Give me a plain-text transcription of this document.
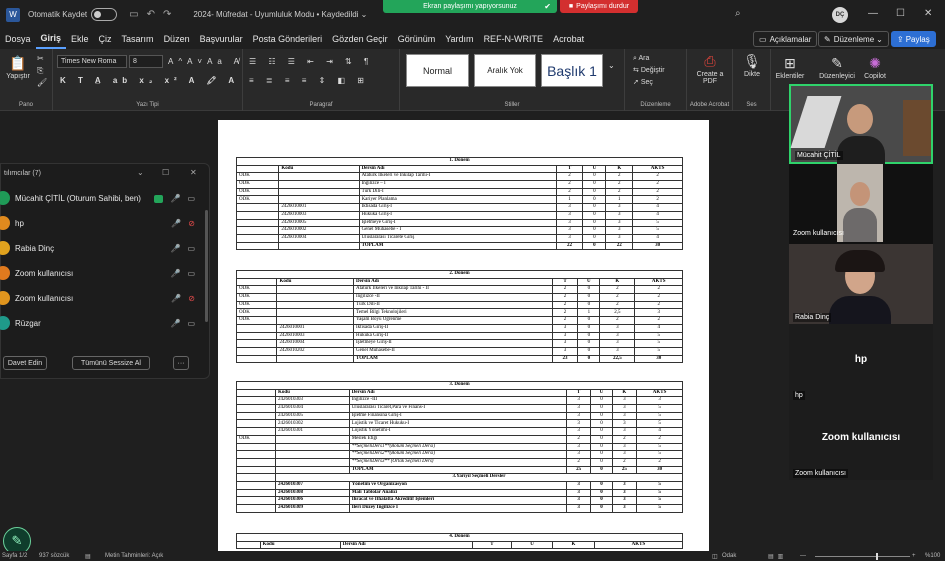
W	Otomatik Kaydet	▭↶↷ 2024- Müfredat - Uyumluluk Modu • Kaydedildi ⌄
Ekran paylaşımı yapıyorsunuz	✔	■ Paylaşımı durdur
⌕	DÇ	— ☐ ✕
Dosya	Giriş	Ekle	Çiz	Tasarım	Düzen	Başvurular	Posta Gönderileri	Gözden Geçir	Görünüm	Yardım	REF-N-WRITE	Acrobat	▭ Açıklamalar ✎ Düzenleme ⌄ ⇪ Paylaş
📋
Yapıştır
✂
⎘
🖌
Pano
Times New Roma	8	A^A˅Aa A̸
K T A̲ ab x₂ x² A 🖍 A
Yazı Tipi
☰ ☷ ☰ ⇤ ⇥ ⇅ ¶
≡ ≣ ≡ ≡ ⇕ ◧ ⊞
Paragraf
Normal	Aralık Yok	Başlık 1	⌄
Stiller
⌕ Ara
⇆ Değiştir
➚ Seç
Düzenleme
⎙
Create a PDF
Adobe Acrobat
🎙
Dikte
Ses
⊞
Eklentiler
✎
Düzenleyici
✺
Copilot
1. Dönem						
	Kodu	Dersin Adı	T	U	K	AKTS
ODK		Atatürk İlkeleri ve İnkılap Tarihi-I	2	0	2	2
ODK		İngilizce – I	2	0	2	2
ODK		Türk Dili-I	2	0	2	2
ODK		Kariyer Planlama	1	0	1	2
	2426010001	İktisada Giriş-I	3	0	3	4
	2426010003	Hukuka Giriş-I	3	0	3	4
	2426010005	İşletmeye Giriş-I	3	0	3	5
	2426010002	Genel Muhasebe - I	3	0	3	5
	2426010004	Uluslararası Ticarete Giriş	3	0	3	4
		TOPLAM	22	0	22	30
2. Dönem						
	Kodu	Dersin Adı	T	U	K	AKTS
ODK		Atatürk İlkeleri ve İnkılap Tarihi - II	2	0	2	2
ODK		İngilizce -II	2	0	2	2
ODK		Türk Dili-II	2	0	2	2
ODK		Temel Bilgi Teknolojileri	2	1	2,5	3
ODK		Yaşam Boyu Öğrenme	2	0	2	2
	2426010001	İktisada Giriş-II	3	0	3	4
	2426010003	Hukuka Giriş-II	3	0	3	5
	2426010004	İşletmeye Giriş-II	3	0	3	5
	2426010202	Genel Muhasebe-II	3	0	3	5
		TOPLAM	23	0	22,5	30
3. Dönem						
	Kodu	Dersin Adı	T	U	K	AKTS
	2426010303	İngilizce -III	3	0	3	3
	2426010304	Uluslararası Ticaret,Para ve Finans-I	3	0	3	5
	2426010305	İşletme Finansına Giriş-I	3	0	3	5
	2426010302	Lojistik ve Ticaret Hukuku-I	3	0	3	5
	2426010301	Lojistik Yönetimi-I	3	0	3	4
ODK		Meslek Etiği	2	0	2	2
		**SeçmeliDers1**(Bölüm Seçmeli Dersi)	3	0	3	5
		**SeçmeliDers2**(Bölüm Seçmeli Dersi)	3	0	3	5
		**SeçmeliDers3** (Ortak Seçmeli Ders)	2	0	2	2
		TOPLAM	25	0	25	30
	3.Yarıyıl Seçmeli Dersler					
	2426010307	Yönetim ve Organizasyon	3	0	3	5
	2426010308	Mali Tablolar Analizi	3	0	3	5
	2426010306	İhracat ve İthalatta Akreditif İşlemleri	3	0	3	5
	2426010309	İleri Düzey İngilizce I	3	0	3	5
4. Dönem
	Kodu	Dersin Adı	T	U	K	AKTS
tılımcılar (7)	⌄ ☐	✕
Mücahit ÇİTİL (Oturum Sahibi, ben)	🎤 ▭
hp	🎤 ⊘
Rabia Dinç	🎤 ▭
Zoom kullanıcısı	🎤 ▭
Zoom kullanıcısı	🎤 ⊘
Rüzgar	🎤 ▭
Davet Edin	Tümünü Sessize Al	···
Mücahit ÇİTİL
Zoom kullanıcısı
Rabia Dinç
hp
hp
Zoom kullanıcısı
Zoom kullanıcısı
✎
Sayfa 1/2 937 sözcük	▤ Metin Tahminleri: Açık	◫ Odak	▤▥ —	+ %100
